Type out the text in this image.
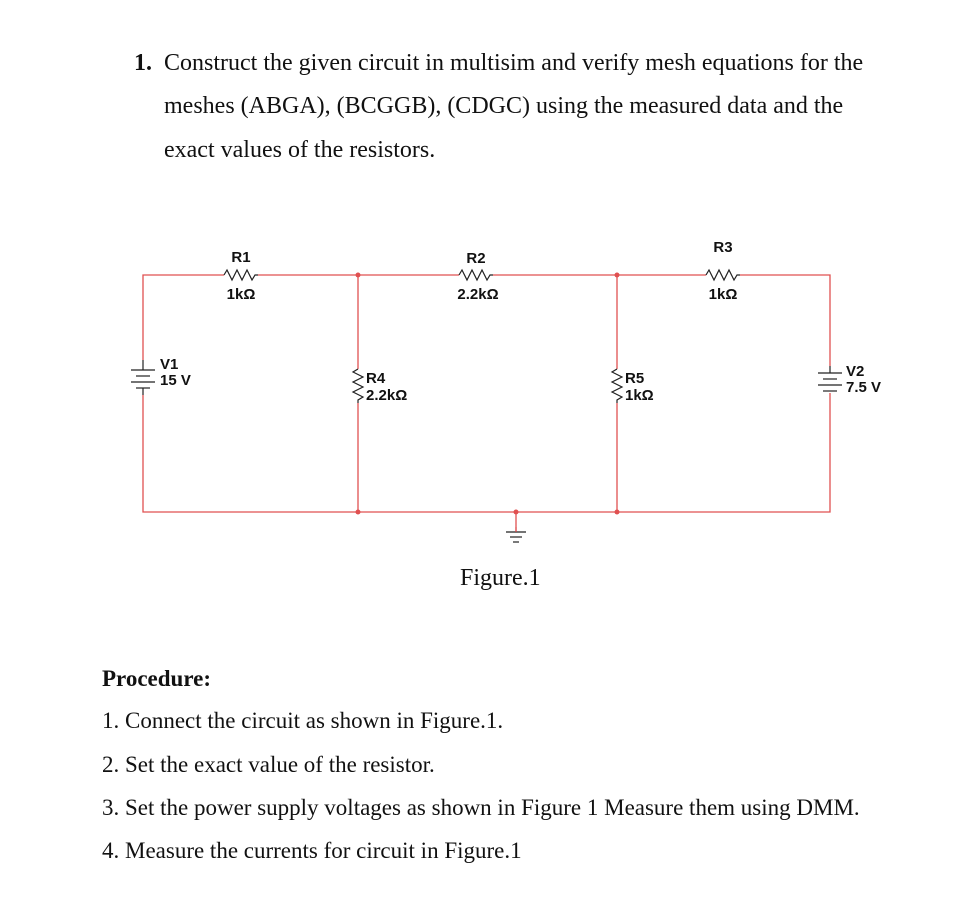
1. Construct the given circuit in multisim and verify mesh equations for the
meshes (ABGA), (BCGGB), (CDGC) using the measured data and the
exact values of the resistors.
R1
1kΩ
R2
2.2kΩ
R3
1kΩ
R4
2.2kΩ
R5
1kΩ
V1
15 V
V2
7.5 V
Figure.1
Procedure:
1. Connect the circuit as shown in Figure.1.
2. Set the exact value of the resistor.
3. Set the power supply voltages as shown in Figure 1 Measure them using DMM.
4. Measure the currents for circuit in Figure.1
